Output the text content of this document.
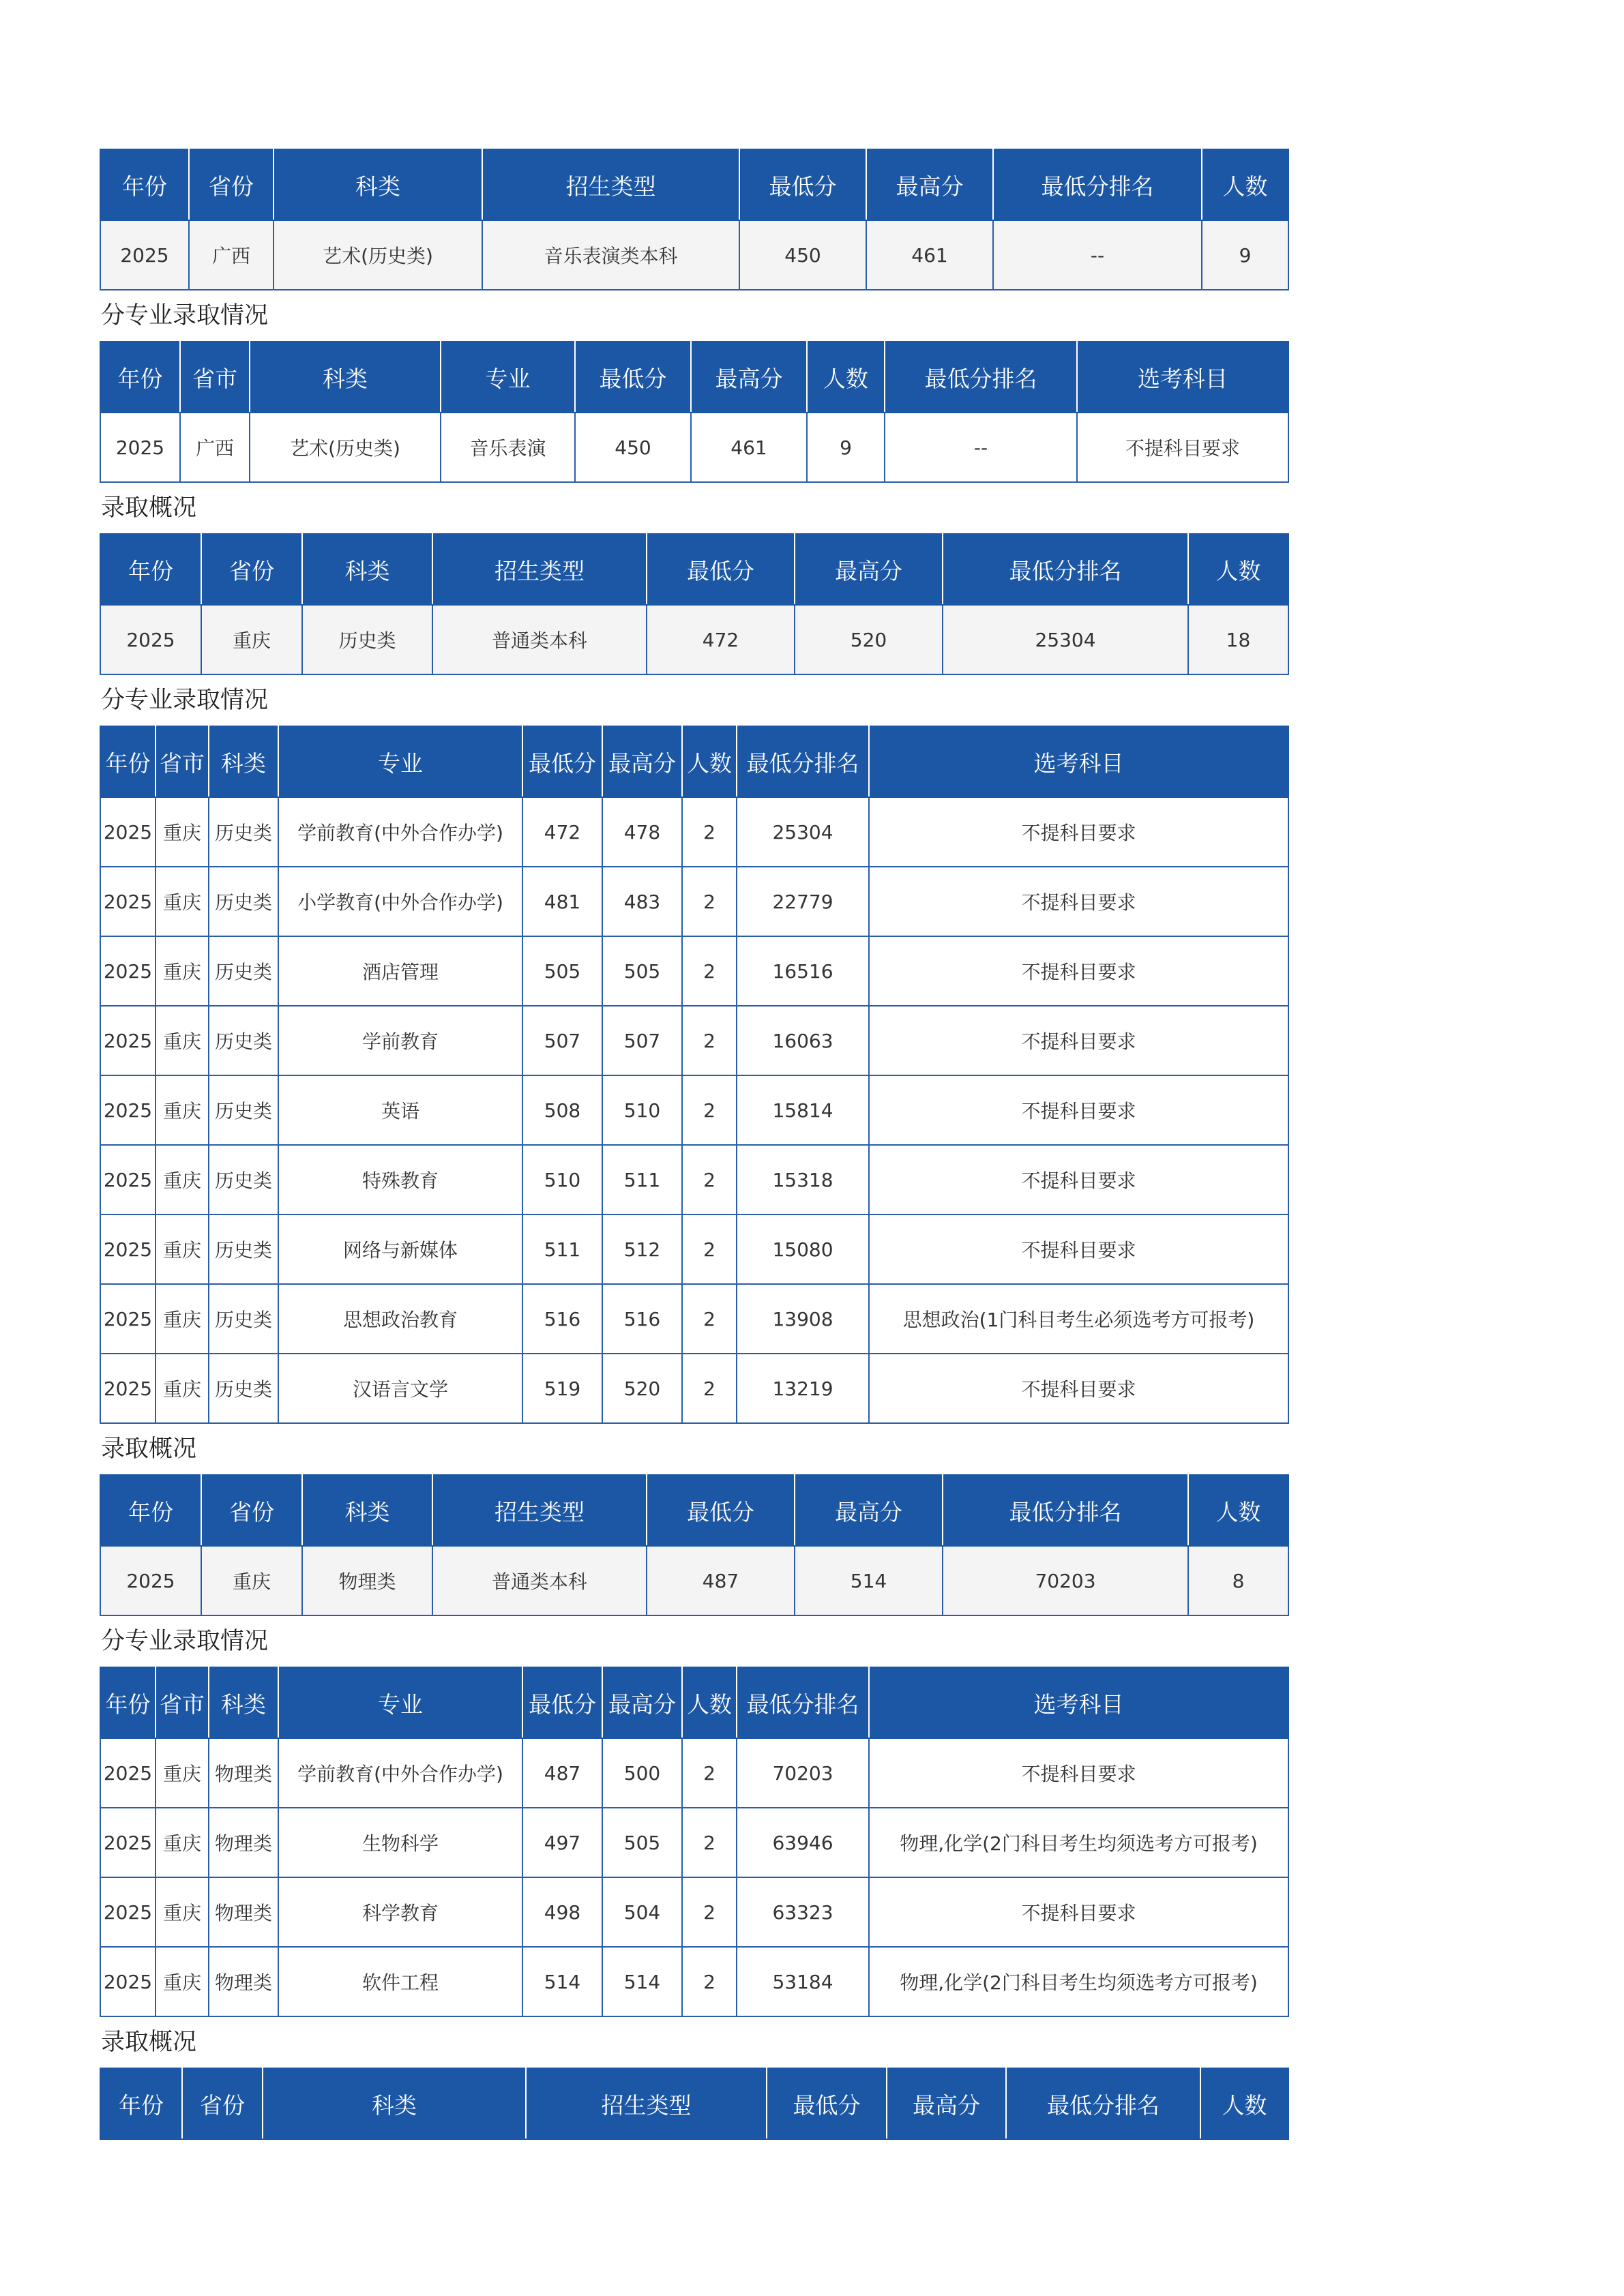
年份	省份	科类	招生类型	最低分	最高分	最低分排名	人数
2025	广西	艺术(历史类)	音乐表演类本科	450	461	--	9
分专业录取情况
年份	省市	科类	专业	最低分	最高分	人数	最低分排名	选考科目
2025	广西	艺术(历史类)	音乐表演	450	461	9	--	不提科目要求
录取概况
年份	省份	科类	招生类型	最低分	最高分	最低分排名	人数
2025	重庆	历史类	普通类本科	472	520	25304	18
分专业录取情况
年份	省市	科类	专业	最低分	最高分	人数	最低分排名	选考科目
2025	重庆	历史类	学前教育(中外合作办学)	472	478	2	25304	不提科目要求
2025	重庆	历史类	小学教育(中外合作办学)	481	483	2	22779	不提科目要求
2025	重庆	历史类	酒店管理	505	505	2	16516	不提科目要求
2025	重庆	历史类	学前教育	507	507	2	16063	不提科目要求
2025	重庆	历史类	英语	508	510	2	15814	不提科目要求
2025	重庆	历史类	特殊教育	510	511	2	15318	不提科目要求
2025	重庆	历史类	网络与新媒体	511	512	2	15080	不提科目要求
2025	重庆	历史类	思想政治教育	516	516	2	13908	思想政治(1门科目考生必须选考方可报考)
2025	重庆	历史类	汉语言文学	519	520	2	13219	不提科目要求
录取概况
年份	省份	科类	招生类型	最低分	最高分	最低分排名	人数
2025	重庆	物理类	普通类本科	487	514	70203	8
分专业录取情况
年份	省市	科类	专业	最低分	最高分	人数	最低分排名	选考科目
2025	重庆	物理类	学前教育(中外合作办学)	487	500	2	70203	不提科目要求
2025	重庆	物理类	生物科学	497	505	2	63946	物理,化学(2门科目考生均须选考方可报考)
2025	重庆	物理类	科学教育	498	504	2	63323	不提科目要求
2025	重庆	物理类	软件工程	514	514	2	53184	物理,化学(2门科目考生均须选考方可报考)
录取概况
年份	省份	科类	招生类型	最低分	最高分	最低分排名	人数
